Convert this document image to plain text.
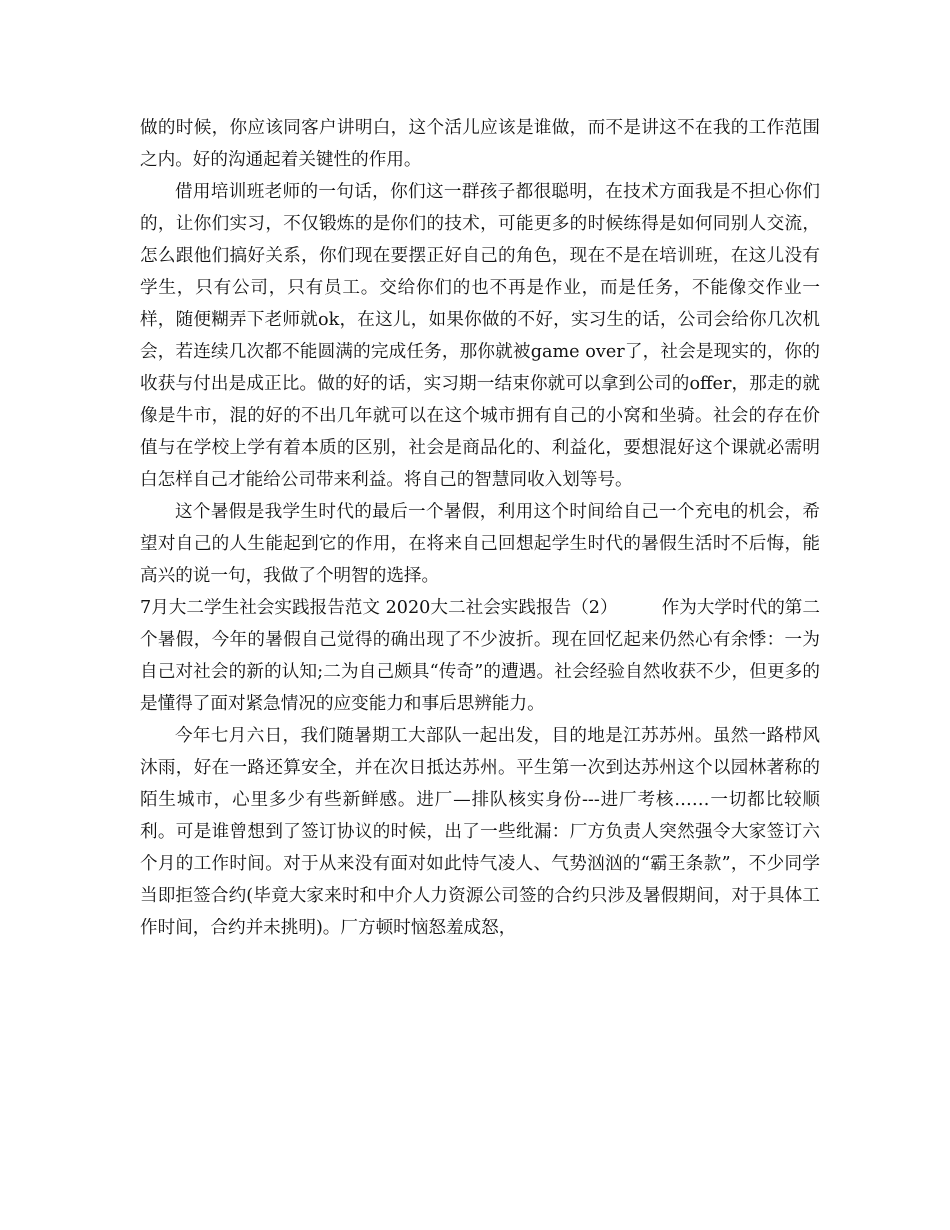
做的时候，你应该同客户讲明白，这个活儿应该是谁做，而不是讲这不在我的工作范围之内。好的沟通起着关键性的作用。

借用培训班老师的一句话，你们这一群孩子都很聪明，在技术方面我是不担心你们的，让你们实习，不仅锻炼的是你们的技术，可能更多的时候练得是如何同别人交流，怎么跟他们搞好关系，你们现在要摆正好自己的角色，现在不是在培训班，在这儿没有学生，只有公司，只有员工。交给你们的也不再是作业，而是任务，不能像交作业一样，随便糊弄下老师就ok，在这儿，如果你做的不好，实习生的话，公司会给你几次机会，若连续几次都不能圆满的完成任务，那你就被game over了，社会是现实的，你的收获与付出是成正比。做的好的话，实习期一结束你就可以拿到公司的offer，那走的就像是牛市，混的好的不出几年就可以在这个城市拥有自己的小窝和坐骑。社会的存在价值与在学校上学有着本质的区别，社会是商品化的、利益化，要想混好这个课就必需明白怎样自己才能给公司带来利益。将自己的智慧同收入划等号。

这个暑假是我学生时代的最后一个暑假，利用这个时间给自己一个充电的机会，希望对自己的人生能起到它的作用，在将来自己回想起学生时代的暑假生活时不后悔，能高兴的说一句，我做了个明智的选择。

7月大二学生社会实践报告范文 2020大二社会实践报告（2）　　　作为大学时代的第二个暑假，今年的暑假自己觉得的确出现了不少波折。现在回忆起来仍然心有余悸：一为自己对社会的新的认知;二为自己颇具“传奇”的遭遇。社会经验自然收获不少，但更多的是懂得了面对紧急情况的应变能力和事后思辨能力。

今年七月六日，我们随暑期工大部队一起出发，目的地是江苏苏州。虽然一路栉风沐雨，好在一路还算安全，并在次日抵达苏州。平生第一次到达苏州这个以园林著称的陌生城市，心里多少有些新鲜感。进厂—排队核实身份---进厂考核……一切都比较顺利。可是谁曾想到了签订协议的时候，出了一些纰漏：厂方负责人突然强令大家签订六个月的工作时间。对于从来没有面对如此恃气凌人、气势汹汹的“霸王条款”，不少同学当即拒签合约(毕竟大家来时和中介人力资源公司签的合约只涉及暑假期间，对于具体工作时间，合约并未挑明)。厂方顿时恼怒羞成怒，
